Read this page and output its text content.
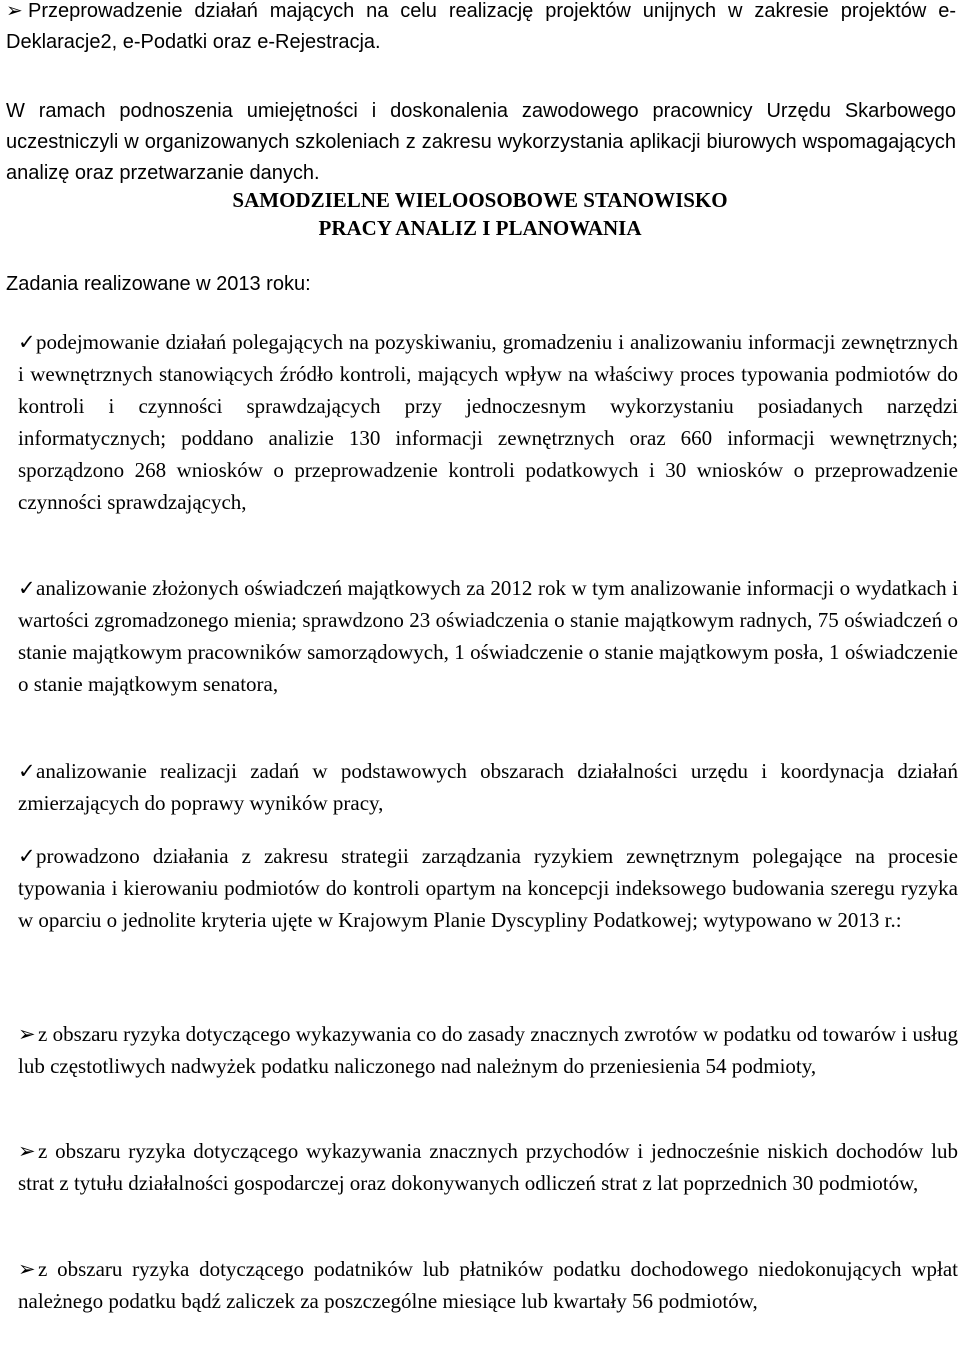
➢ Przeprowadzenie działań mających na celu realizację projektów unijnych w zakresie projektów e-Deklaracje2, e-Podatki oraz e-Rejestracja.
W ramach podnoszenia umiejętności i doskonalenia zawodowego pracownicy Urzędu Skarbowego uczestniczyli w organizowanych szkoleniach z zakresu wykorzystania aplikacji biurowych wspomagających analizę oraz przetwarzanie danych.
SAMODZIELNE WIELOOSOBOWE STANOWISKO
PRACY ANALIZ I PLANOWANIA
Zadania realizowane w 2013 roku:
✓podejmowanie działań polegających na pozyskiwaniu, gromadzeniu i analizowaniu informacji zewnętrznych i wewnętrznych stanowiących źródło kontroli, mających wpływ na właściwy proces typowania podmiotów do kontroli i czynności sprawdzających przy jednoczesnym wykorzystaniu posiadanych narzędzi informatycznych; poddano analizie 130 informacji zewnętrznych oraz 660 informacji wewnętrznych; sporządzono 268 wniosków o przeprowadzenie kontroli podatkowych i 30 wniosków o przeprowadzenie czynności sprawdzających,
✓analizowanie złożonych oświadczeń majątkowych za 2012 rok w tym analizowanie informacji o wydatkach i wartości zgromadzonego mienia; sprawdzono 23 oświadczenia o stanie majątkowym radnych, 75 oświadczeń o stanie majątkowym pracowników samorządowych, 1 oświadczenie o stanie majątkowym posła, 1 oświadczenie o stanie majątkowym senatora,
✓analizowanie realizacji zadań w podstawowych obszarach działalności urzędu i koordynacja działań zmierzających do poprawy wyników pracy,
✓prowadzono działania z zakresu strategii zarządzania ryzykiem zewnętrznym polegające na procesie typowania i kierowaniu podmiotów do kontroli opartym na koncepcji indeksowego budowania szeregu ryzyka w oparciu o jednolite kryteria ujęte w Krajowym Planie Dyscypliny Podatkowej; wytypowano w 2013 r.:
➢ z obszaru ryzyka dotyczącego wykazywania co do zasady znacznych zwrotów w podatku od towarów i usług lub częstotliwych nadwyżek podatku naliczonego nad należnym do przeniesienia 54 podmioty,
➢ z obszaru ryzyka dotyczącego wykazywania znacznych przychodów i jednocześnie niskich dochodów lub strat z tytułu działalności gospodarczej oraz dokonywanych odliczeń strat z lat poprzednich 30 podmiotów,
➢ z obszaru ryzyka dotyczącego podatników lub płatników podatku dochodowego niedokonujących wpłat należnego podatku bądź zaliczek za poszczególne miesiące lub kwartały 56 podmiotów,
